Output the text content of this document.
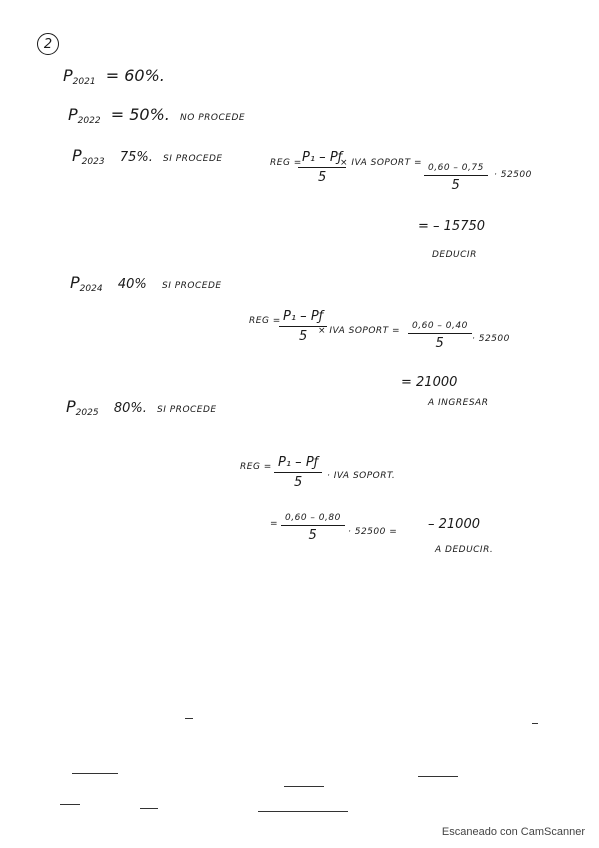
2
$P_{2021} = 60\%$.
$P_{2022} = 50\%$. NO PROCEDE
$P_{2023}$ 75%. SI PROCEDE	REG =
$\frac{\text{P₁ – Pƒ}}{5}$
× IVA SOPORT = 0,60 – 0,75
5
· 52500
= – 15750
DEDUCIR
$P_{2024}$ 40% SI PROCEDE
REG =
$\frac{\text{P₁ – Pƒ}}{5}$
× IVA SOPORT =	0,60 – 0,40
5	· 52500
= 21000
A INGRESAR
$P_{2025}$ 80%. SI PROCEDE
REG = $\frac{\text{P₁ – Pƒ}}{5}$ · IVA SOPORT.
=
0,60 – 0,80
5	· 52500 = – 21000
A DEDUCIR.
Escaneado con CamScanner
